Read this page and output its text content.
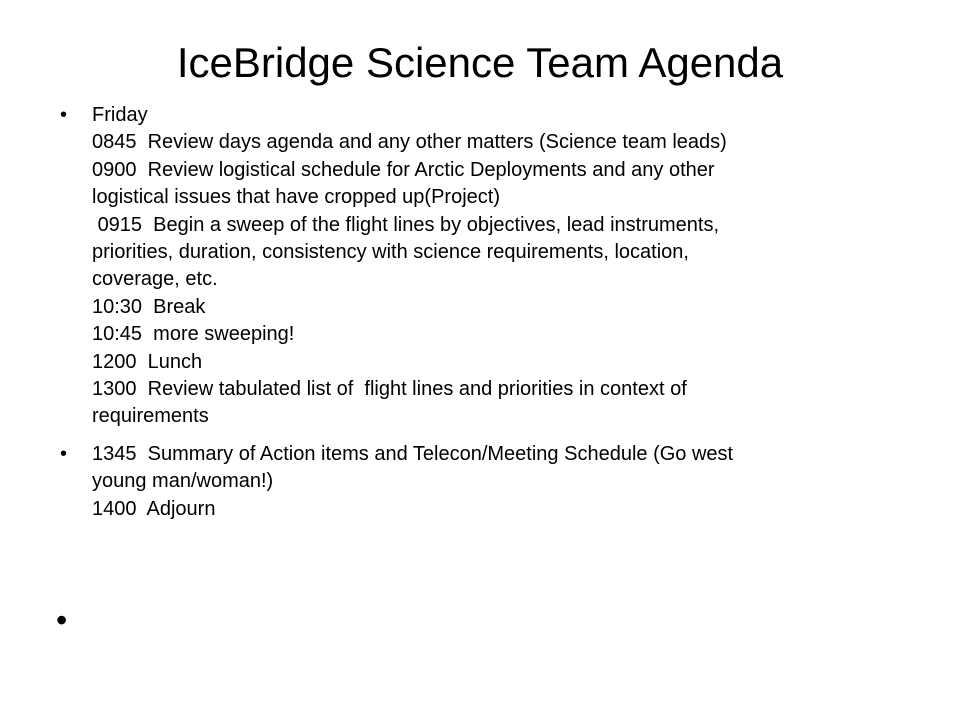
IceBridge Science Team Agenda
• Friday
0845  Review days agenda and any other matters (Science team leads)
0900  Review logistical schedule for Arctic Deployments and any other
logistical issues that have cropped up(Project)
0915  Begin a sweep of the flight lines by objectives, lead instruments,
priorities, duration, consistency with science requirements, location,
coverage, etc.
10:30  Break
10:45  more sweeping!
1200  Lunch
1300  Review tabulated list of  flight lines and priorities in context of
requirements
• 1345  Summary of Action items and Telecon/Meeting Schedule (Go west
young man/woman!)
1400  Adjourn
•
